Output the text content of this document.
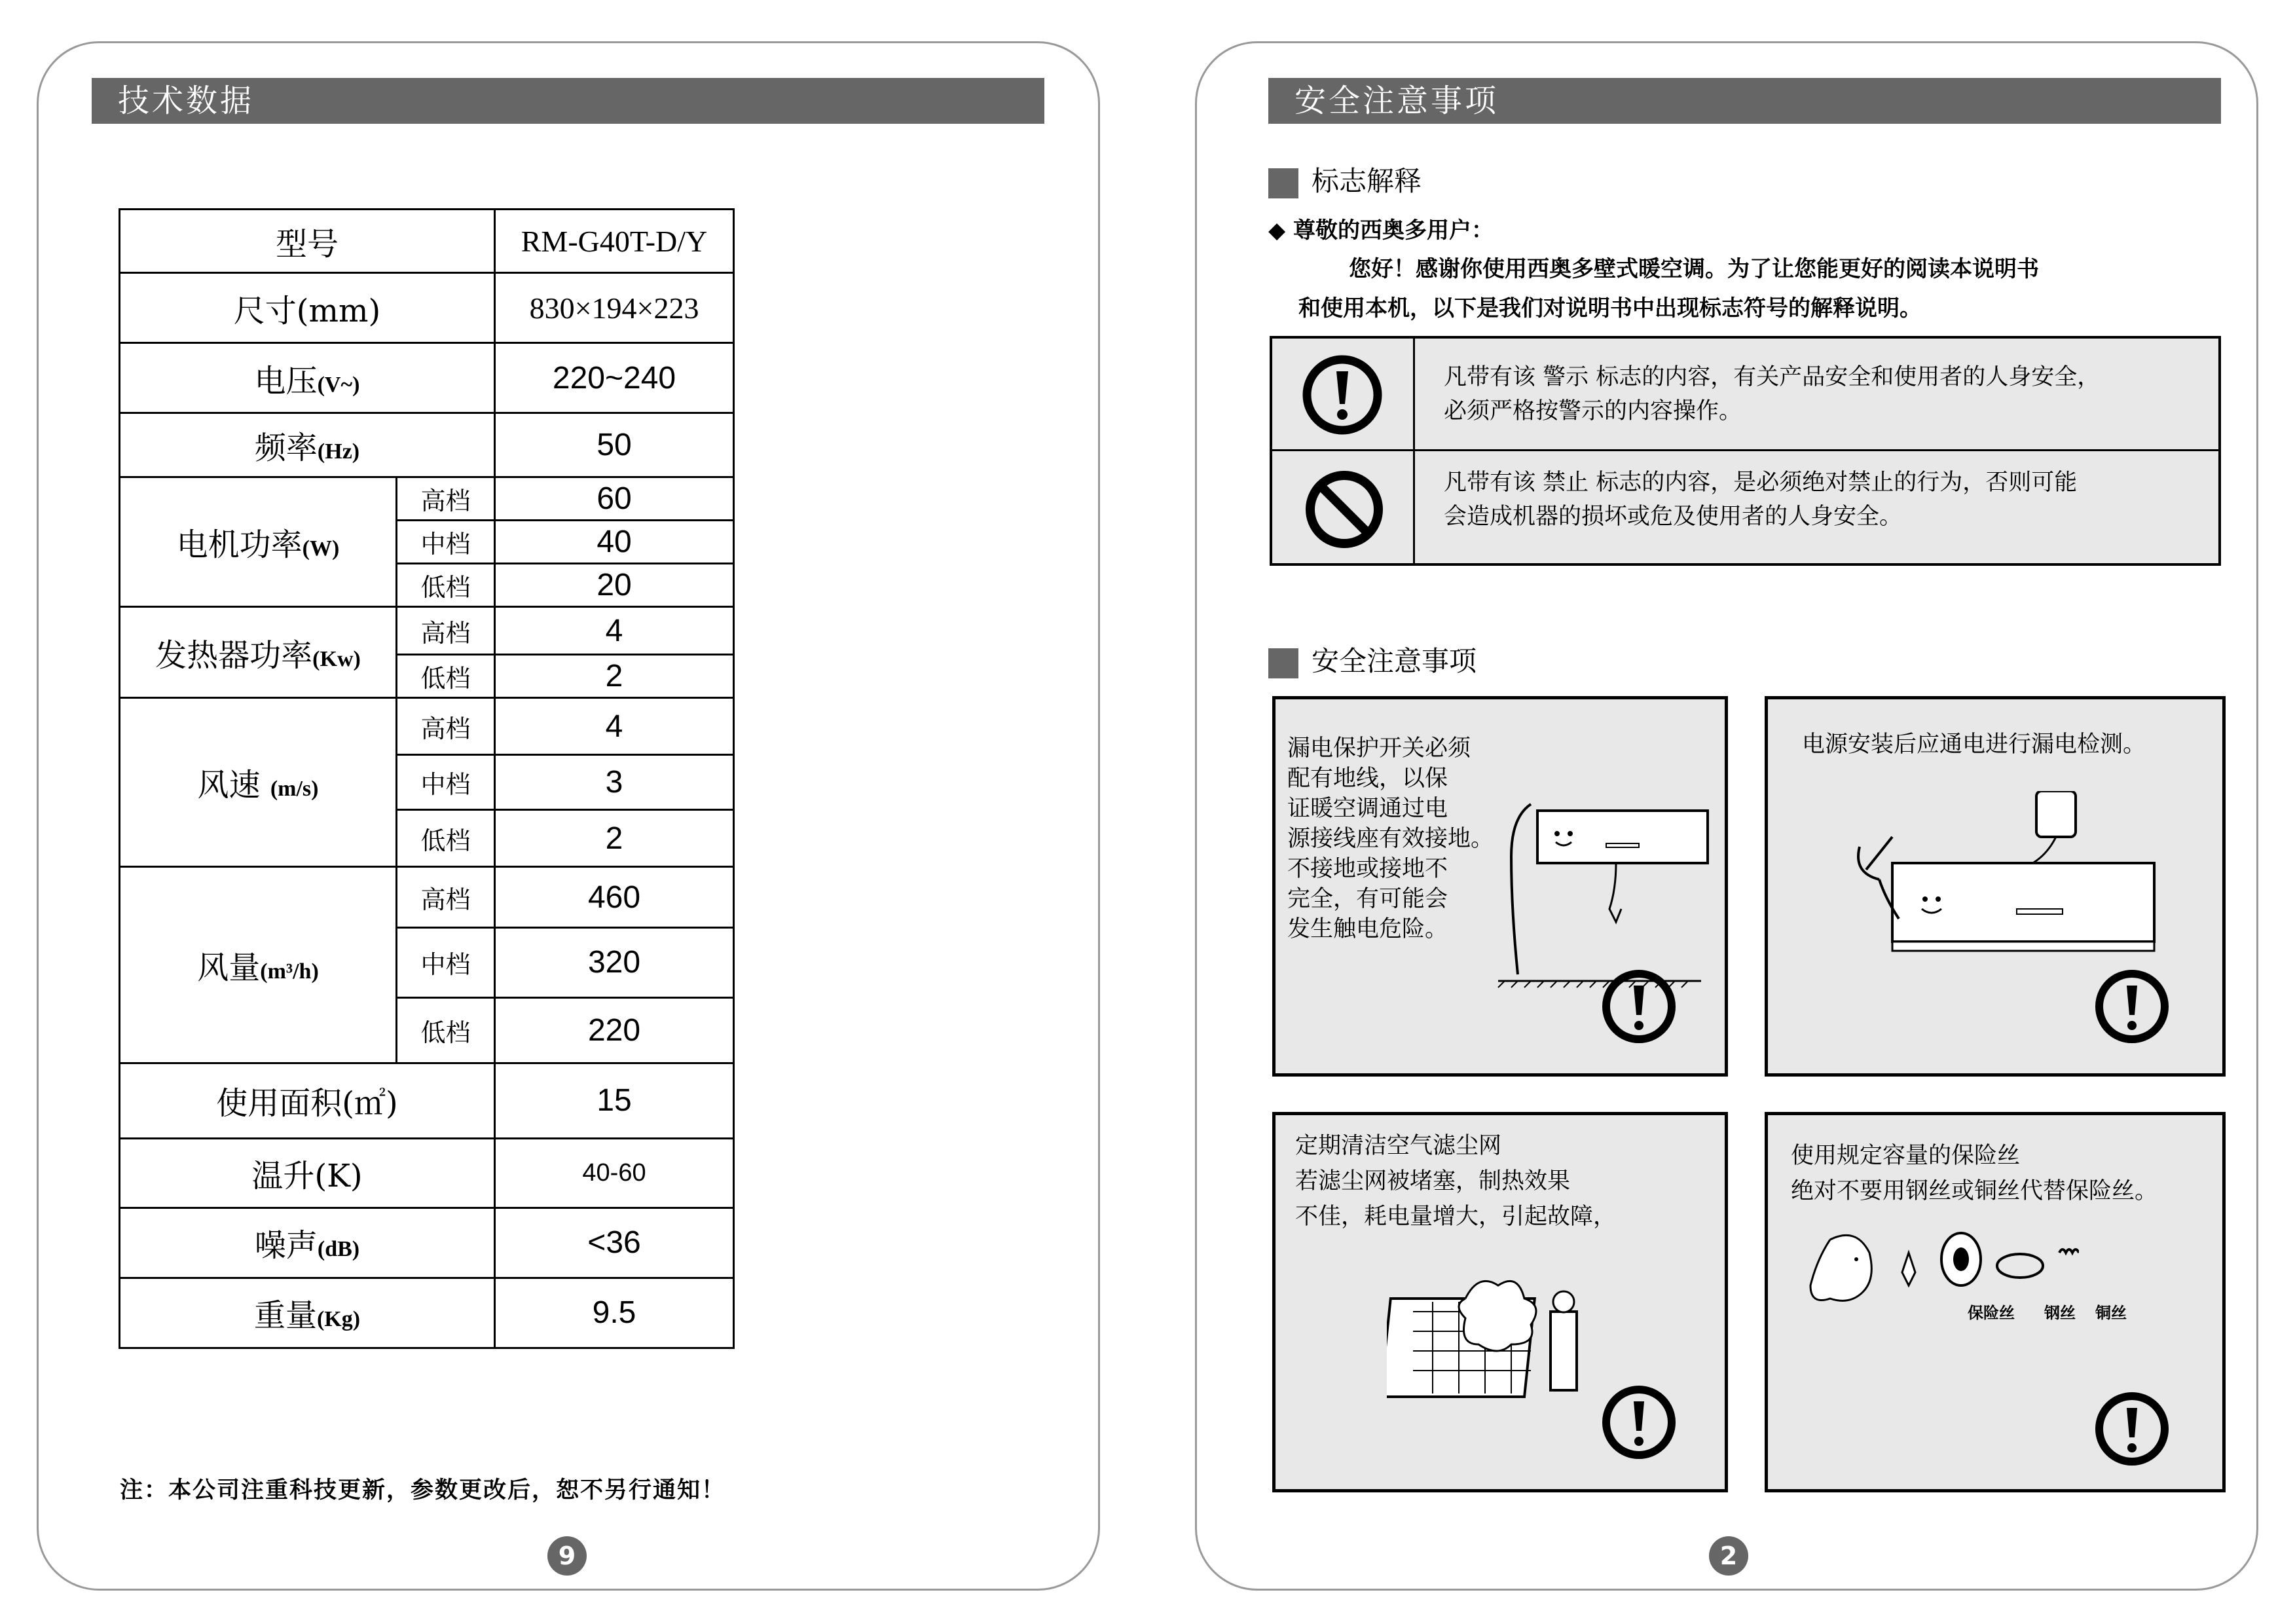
技术数据
型号		RM-G40T-D/Y
尺寸(mm)		830×194×223
电压(V~)		220~240
频率(Hz)		50
电机功率(W)	高档	60
	中档	40
	低档	20
发热器功率(Kw)	高档	4
	低档	2
风速 (m/s)	高档	4
	中档	3
	低档	2
风量(m³/h)	高档	460
	中档	320
	低档	220
使用面积(㎡)		15
温升(K)		40-60
噪声(dB)		<36
重量(Kg)		9.5
注：本公司注重科技更新，参数更改后，恕不另行通知！
9
安全注意事项
标志解释
◆ 尊敬的西奥多用户：
您好！感谢你使用西奥多壁式暖空调。为了让您能更好的阅读本说明书
和使用本机，以下是我们对说明书中出现标志符号的解释说明。
凡带有该 警示 标志的内容，有关产品安全和使用者的人身安全，
必须严格按警示的内容操作。
凡带有该 禁止 标志的内容，是必须绝对禁止的行为，否则可能
会造成机器的损坏或危及使用者的人身安全。
安全注意事项
漏电保护开关必须
配有地线，以保
证暖空调通过电
源接线座有效接地。
不接地或接地不
完全，有可能会
发生触电危险。
电源安装后应通电进行漏电检测。
定期清洁空气滤尘网
若滤尘网被堵塞，制热效果
不佳，耗电量增大，引起故障，
使用规定容量的保险丝
绝对不要用钢丝或铜丝代替保险丝。
保险丝 钢丝 铜丝
2
